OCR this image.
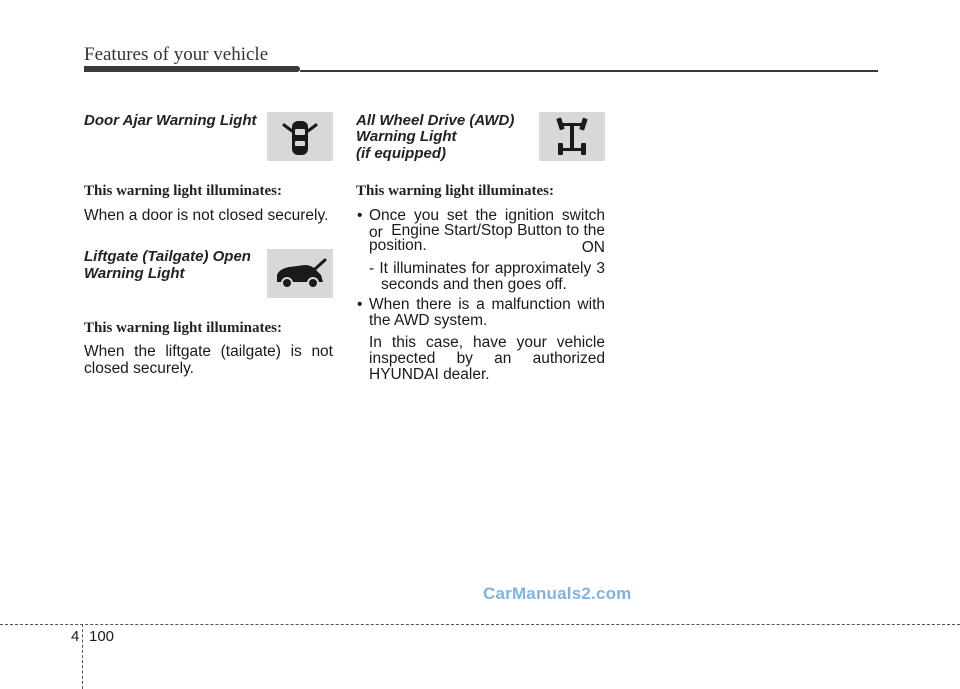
Features of your vehicle
Door Ajar Warning Light
This warning light illuminates:
When a door is not closed securely.
Liftgate (Tailgate) Open
Warning Light
This warning light illuminates:
When the liftgate (tailgate) is not
closed securely.
All Wheel Drive (AWD)
Warning Light
(if equipped)
This warning light illuminates:
• Once you set the ignition switch or Engine Start/Stop Button to the ON
position.
- It illuminates for approximately 3
seconds and then goes off.
• When there is a malfunction with
the AWD system.
In this case, have your vehicle
inspected by an authorized
HYUNDAI dealer.
CarManuals2.com
4 100
